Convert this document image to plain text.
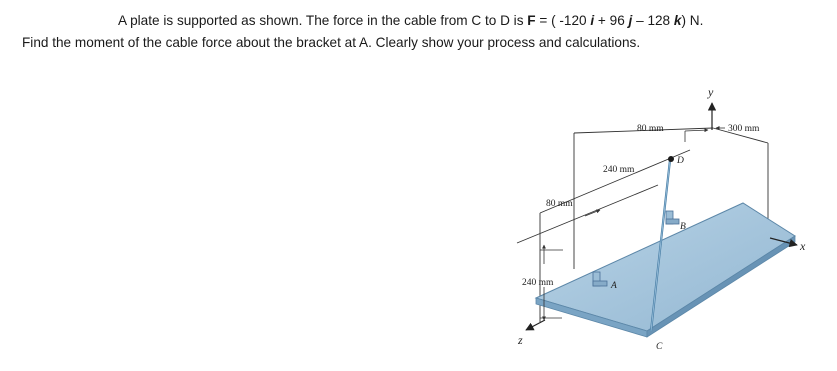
A plate is supported as shown. The force in the cable from C to D is F = ( -120 i + 96 j – 128 k) N.
Find the moment of the cable force about the bracket at A. Clearly show your process and calculations.
A
B
C
D
y
x
z
80 mm	300 mm
240 mm
80 mm
240 mm
